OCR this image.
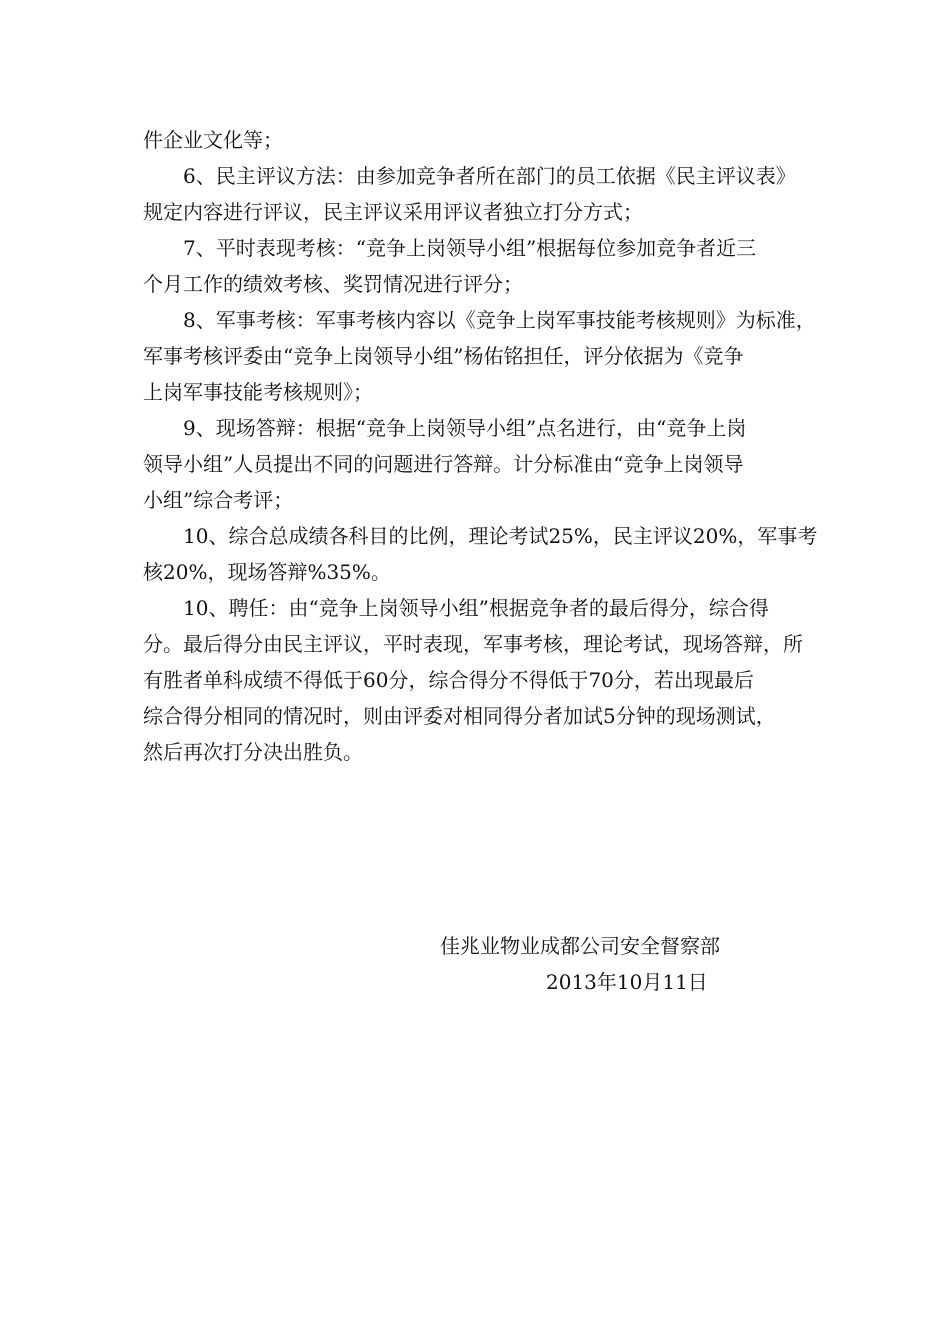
件企业文化等；
6、民主评议方法：由参加竞争者所在部门的员工依据《民主评议表》
规定内容进行评议，民主评议采用评议者独立打分方式；
7、平时表现考核：“竞争上岗领导小组”根据每位参加竞争者近三
个月工作的绩效考核、奖罚情况进行评分；
8、军事考核：军事考核内容以《竞争上岗军事技能考核规则》为标准，
军事考核评委由“竞争上岗领导小组”杨佑铭担任，评分依据为《竞争
上岗军事技能考核规则》；
9、现场答辩：根据“竞争上岗领导小组”点名进行，由“竞争上岗
领导小组”人员提出不同的问题进行答辩。计分标准由“竞争上岗领导
小组”综合考评；
10、综合总成绩各科目的比例，理论考试25%，民主评议20%，军事考
核20%，现场答辩%35%。
10、聘任：由“竞争上岗领导小组”根据竞争者的最后得分，综合得
分。最后得分由民主评议，平时表现，军事考核，理论考试，现场答辩，所
有胜者单科成绩不得低于60分，综合得分不得低于70分，若出现最后
综合得分相同的情况时，则由评委对相同得分者加试5分钟的现场测试，
然后再次打分决出胜负。
佳兆业物业成都公司安全督察部
2013年10月11日
